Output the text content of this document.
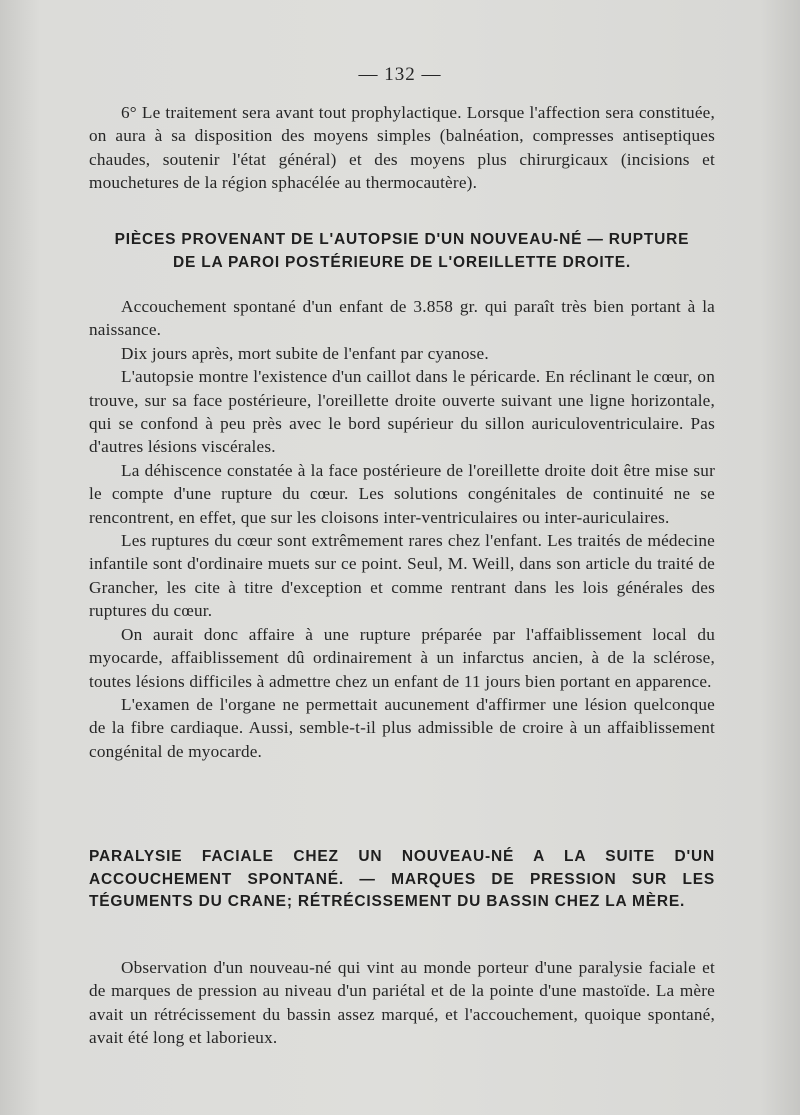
— 132 —

6° Le traitement sera avant tout prophylactique. Lorsque l'affection sera constituée, on aura à sa disposition des moyens simples (balnéation, compresses antiseptiques chaudes, soutenir l'état général) et des moyens plus chirurgicaux (incisions et mouchetures de la région sphacélée au thermocautère).

PIÈCES PROVENANT DE L'AUTOPSIE D'UN NOUVEAU-NÉ — RUPTURE
DE LA PAROI POSTÉRIEURE DE L'OREILLETTE DROITE.

Accouchement spontané d'un enfant de 3.858 gr. qui paraît très bien portant à la naissance.

Dix jours après, mort subite de l'enfant par cyanose.

L'autopsie montre l'existence d'un caillot dans le péricarde. En réclinant le cœur, on trouve, sur sa face postérieure, l'oreillette droite ouverte suivant une ligne horizontale, qui se confond à peu près avec le bord supérieur du sillon auriculoventriculaire. Pas d'autres lésions viscérales.

La déhiscence constatée à la face postérieure de l'oreillette droite doit être mise sur le compte d'une rupture du cœur. Les solutions congénitales de continuité ne se rencontrent, en effet, que sur les cloisons inter-ventriculaires ou inter-auriculaires.

Les ruptures du cœur sont extrêmement rares chez l'enfant. Les traités de médecine infantile sont d'ordinaire muets sur ce point. Seul, M. Weill, dans son article du traité de Grancher, les cite à titre d'exception et comme rentrant dans les lois générales des ruptures du cœur.

On aurait donc affaire à une rupture préparée par l'affaiblissement local du myocarde, affaiblissement dû ordinairement à un infarctus ancien, à de la sclérose, toutes lésions difficiles à admettre chez un enfant de 11 jours bien portant en apparence.

L'examen de l'organe ne permettait aucunement d'affirmer une lésion quelconque de la fibre cardiaque. Aussi, semble-t-il plus admissible de croire à un affaiblissement congénital de myocarde.

PARALYSIE FACIALE CHEZ UN NOUVEAU-NÉ A LA SUITE D'UN ACCOUCHEMENT SPONTANÉ. — MARQUES DE PRESSION SUR LES TÉGUMENTS DU CRANE; RÉTRÉCISSEMENT DU BASSIN CHEZ LA MÈRE.

Observation d'un nouveau-né qui vint au monde porteur d'une paralysie faciale et de marques de pression au niveau d'un pariétal et de la pointe d'une mastoïde. La mère avait un rétrécissement du bassin assez marqué, et l'accouchement, quoique spontané, avait été long et laborieux.
